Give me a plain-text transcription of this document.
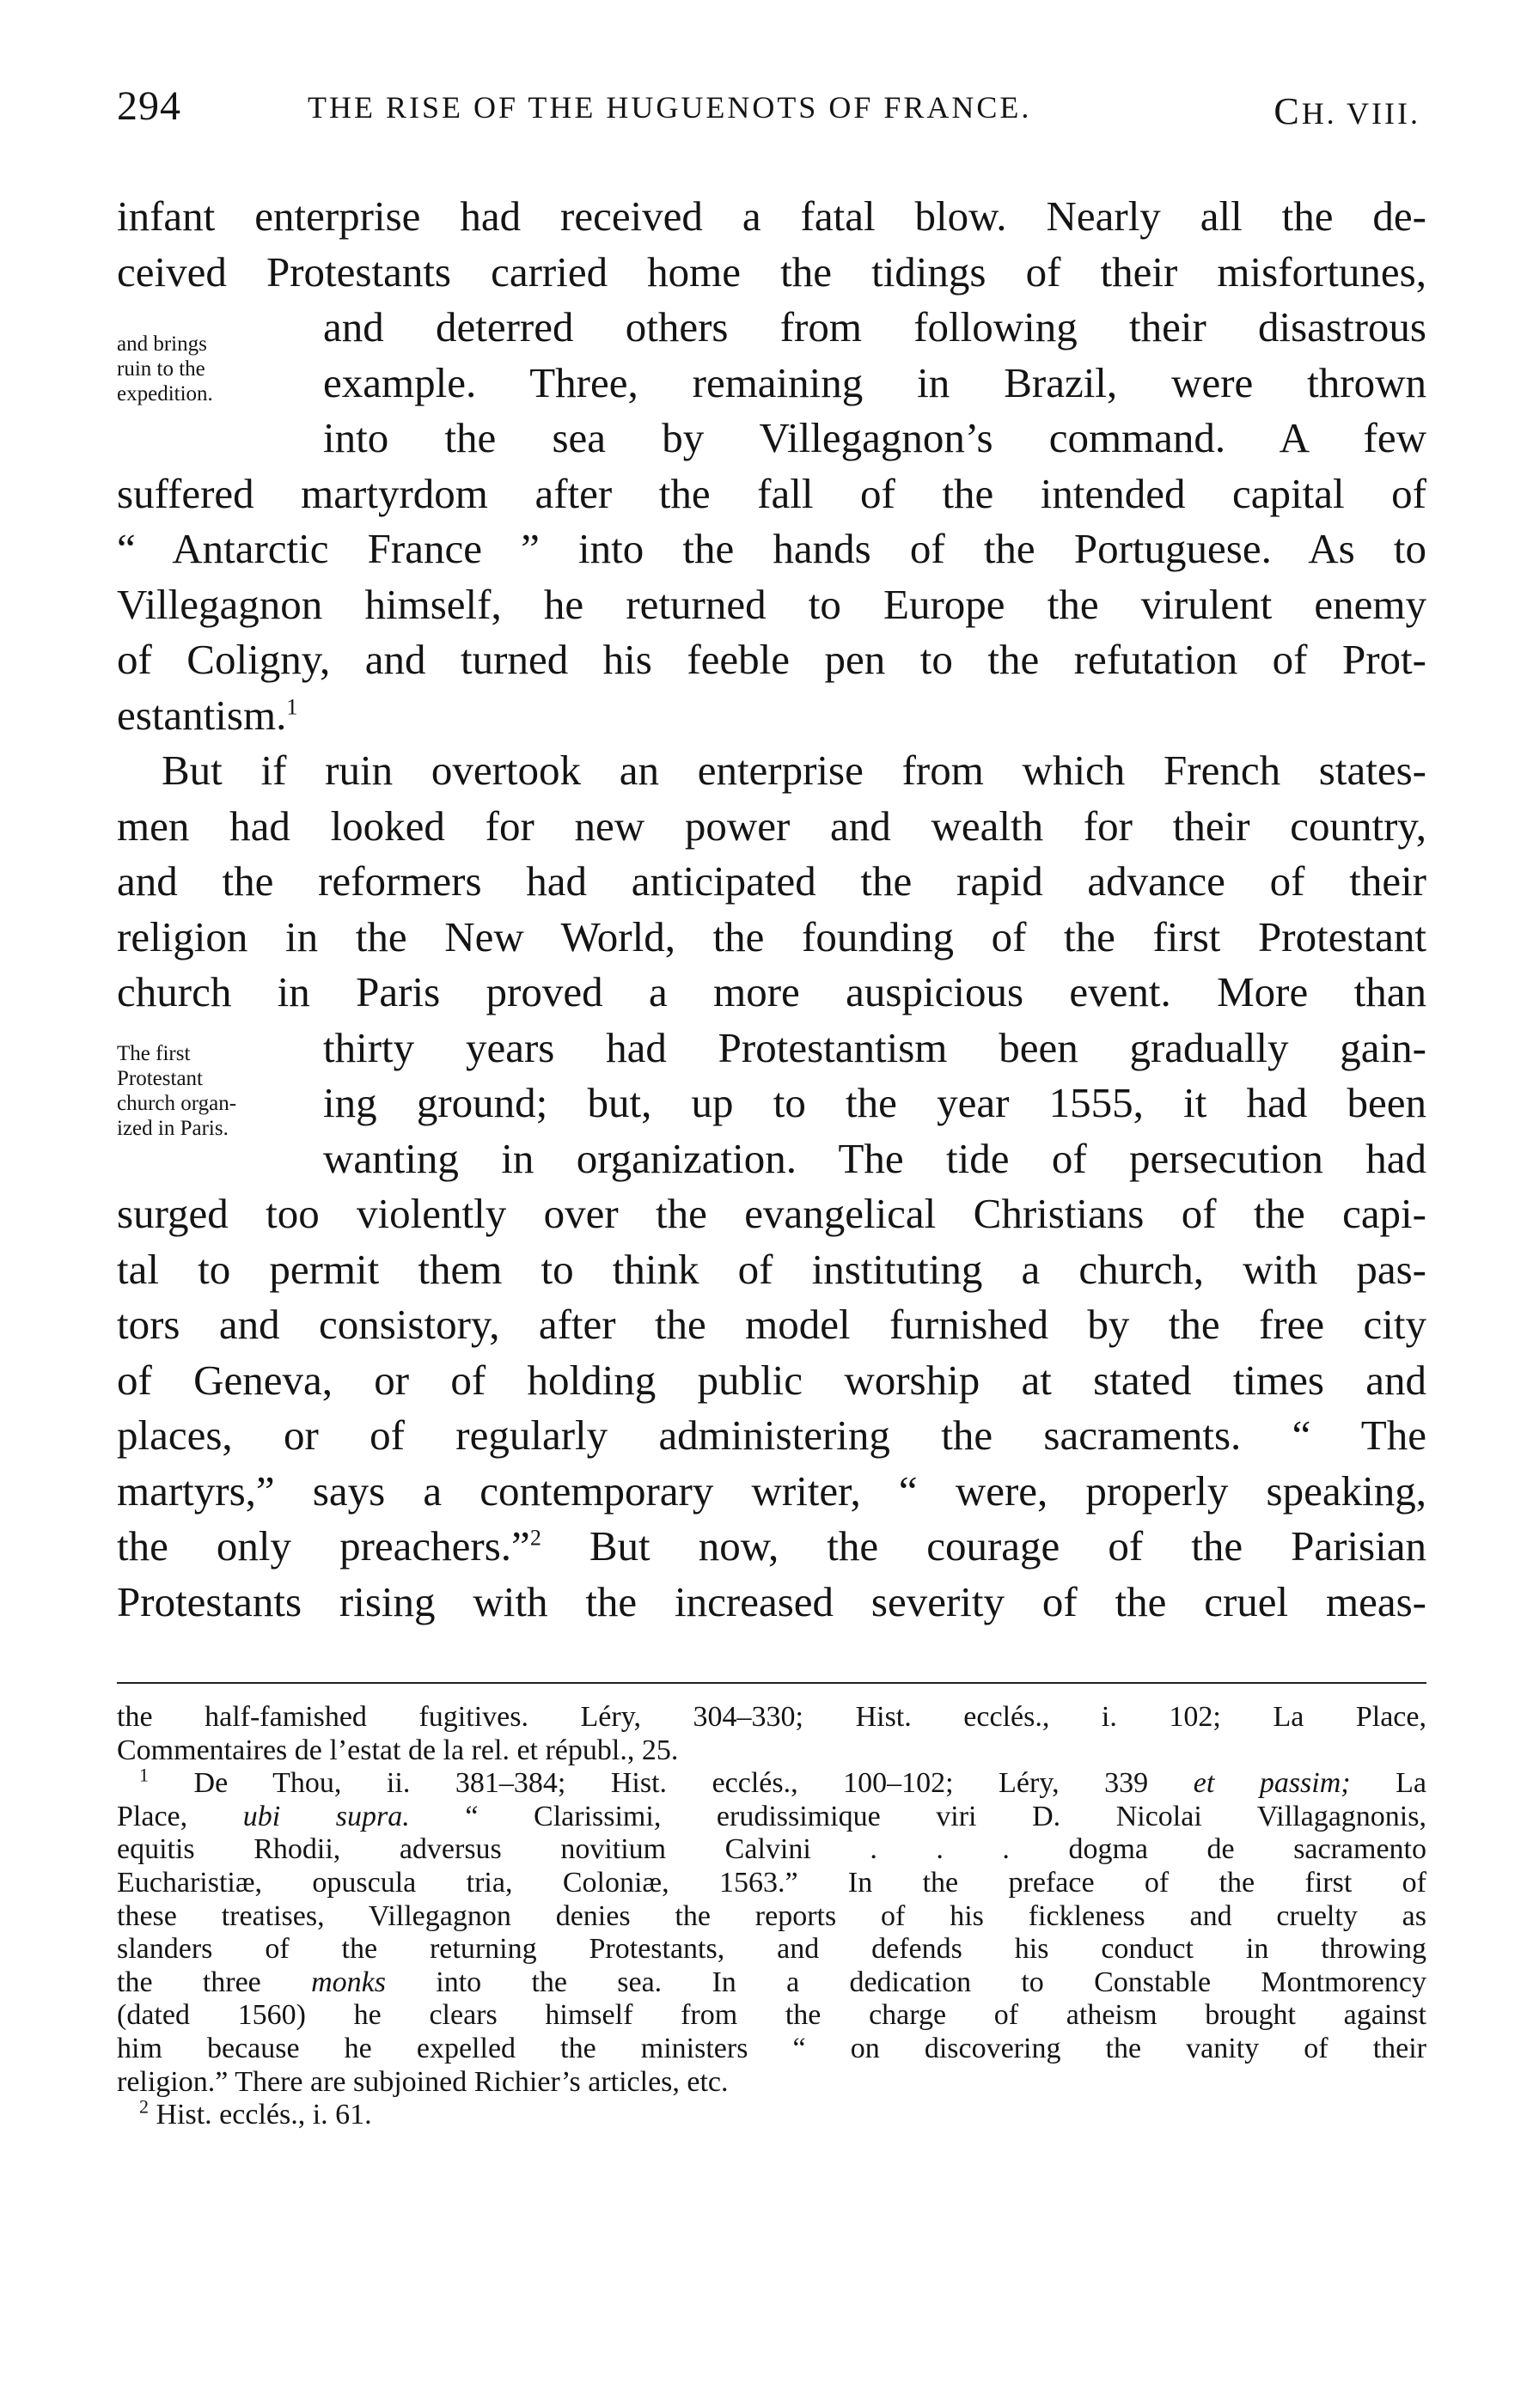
294	THE RISE OF THE HUGUENOTS OF FRANCE.	CH. VIII.
and brings
ruin to the
expedition.
The first
Protestant
church organ-
ized in Paris.
infant enterprise had received a fatal blow. Nearly all the de-
ceived Protestants carried home the tidings of their misfortunes,
and deterred others from following their disastrous
example. Three, remaining in Brazil, were thrown
into the sea by Villegagnon’s command. A few
suffered martyrdom after the fall of the intended capital of
“ Antarctic France ” into the hands of the Portuguese. As to
Villegagnon himself, he returned to Europe the virulent enemy
of Coligny, and turned his feeble pen to the refutation of Prot-
estantism.$^1$
But if ruin overtook an enterprise from which French states-
men had looked for new power and wealth for their country,
and the reformers had anticipated the rapid advance of their
religion in the New World, the founding of the first Protestant
church in Paris proved a more auspicious event. More than
thirty years had Protestantism been gradually gain-
ing ground; but, up to the year 1555, it had been
wanting in organization. The tide of persecution had
surged too violently over the evangelical Christians of the capi-
tal to permit them to think of instituting a church, with pas-
tors and consistory, after the model furnished by the free city
of Geneva, or of holding public worship at stated times and
places, or of regularly administering the sacraments. “ The
martyrs,” says a contemporary writer, “ were, properly speaking,
the only preachers.”$^2$ But now, the courage of the Parisian
Protestants rising with the increased severity of the cruel meas-
the half-famished fugitives. Léry, 304–330; Hist. ecclés., i. 102; La Place,
Commentaires de l’estat de la rel. et républ., 25.
$^1$ De Thou, ii. 381–384; Hist. ecclés., 100–102; Léry, 339 et passim; La
Place, ubi supra. “ Clarissimi, erudissimique viri D. Nicolai Villagagnonis,
equitis Rhodii, adversus novitium Calvini . . . dogma de sacramento
Eucharistiæ, opuscula tria, Coloniæ, 1563.” In the preface of the first of
these treatises, Villegagnon denies the reports of his fickleness and cruelty as
slanders of the returning Protestants, and defends his conduct in throwing
the three monks into the sea. In a dedication to Constable Montmorency
(dated 1560) he clears himself from the charge of atheism brought against
him because he expelled the ministers “ on discovering the vanity of their
religion.” There are subjoined Richier’s articles, etc.
$^2$ Hist. ecclés., i. 61.
